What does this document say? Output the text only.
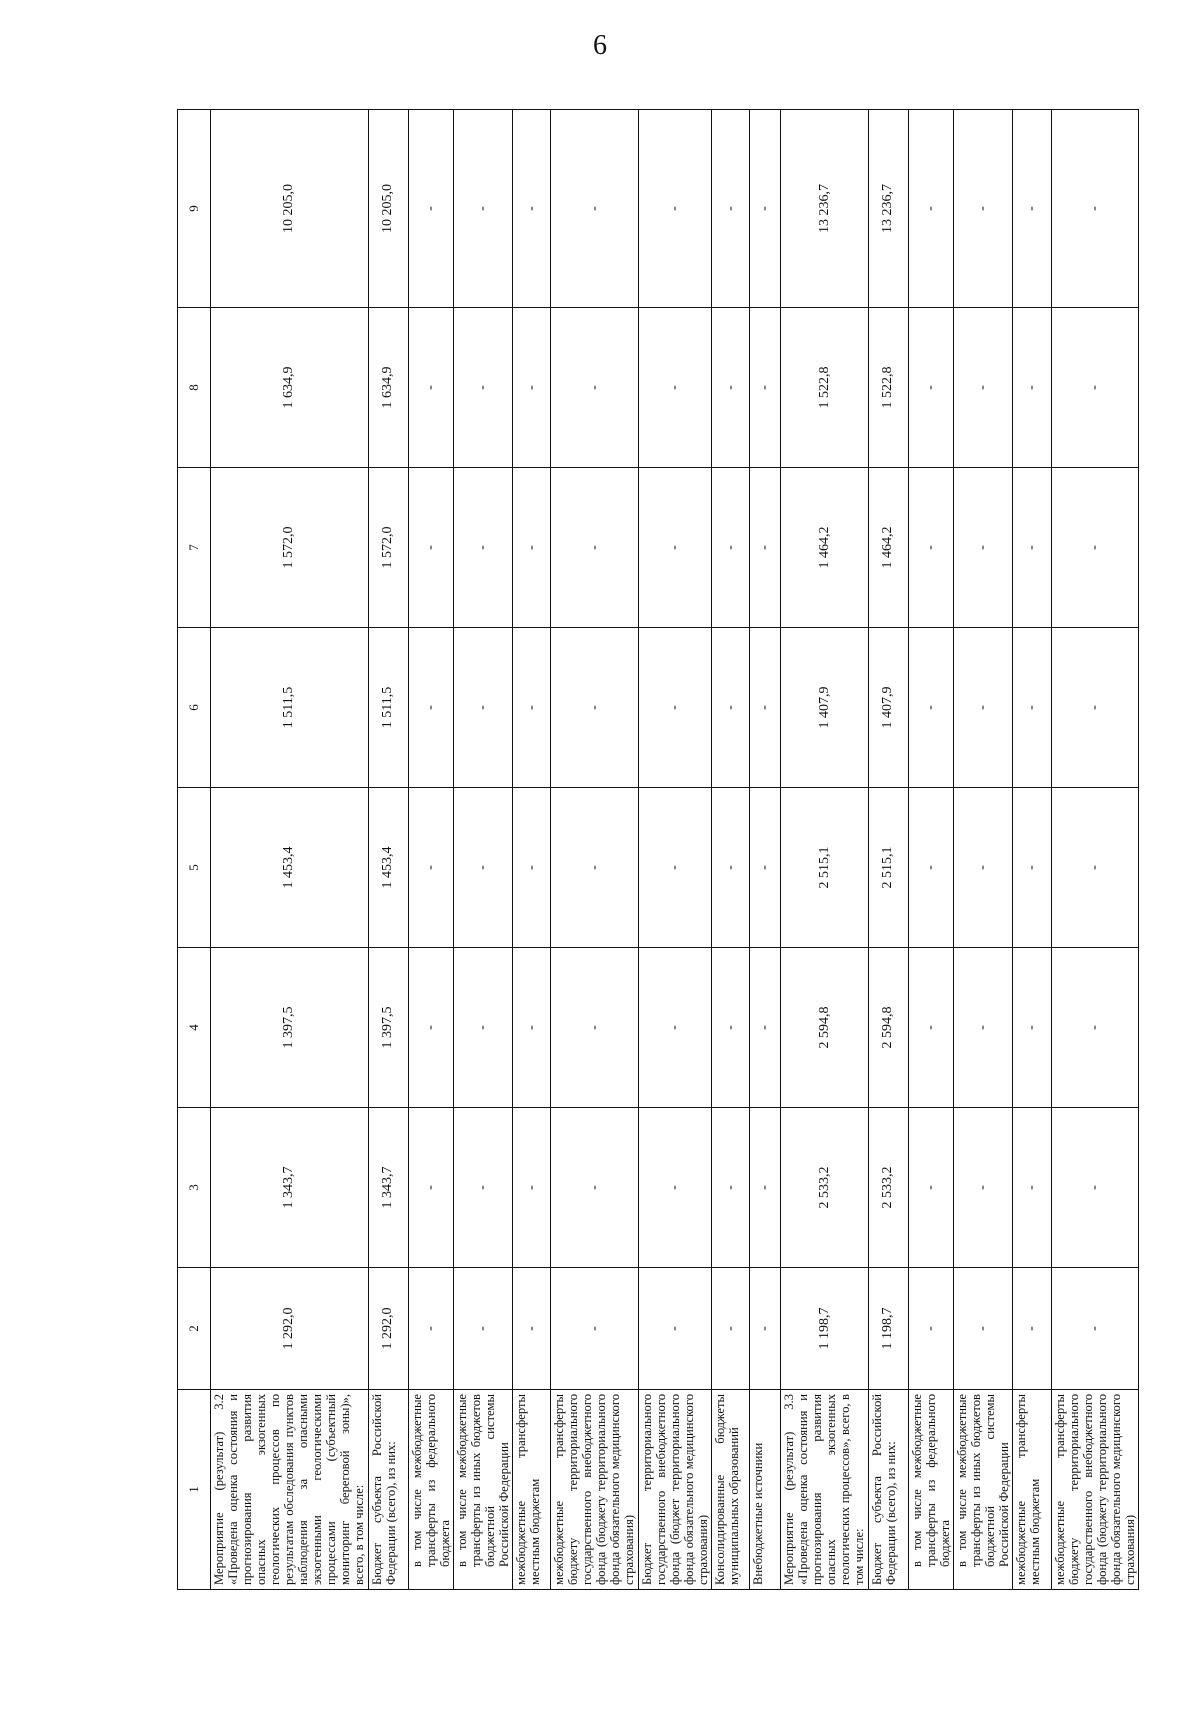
6
1	2	3	4	5	6	7	8	9
Мероприятие (результат) 3.2 «Проведена оценка состояния и прогнозирования развития опасных экзогенных геологических процессов по результатам обследования пунктов наблюдения за опасными экзогенными геологическими процессами (субъектный мониторинг береговой зоны)», всего, в том числе:	1 292,0	1 343,7	1 397,5	1 453,4	1 511,5	1 572,0	1 634,9	10 205,0
Бюджет субъекта Российской Федерации (всего), из них:	1 292,0	1 343,7	1 397,5	1 453,4	1 511,5	1 572,0	1 634,9	10 205,0
в том числе межбюджетные трансферты из федерального бюджета	-	-	-	-	-	-	-	-
в том числе межбюджетные трансферты из иных бюджетов бюджетной системы Российской Федерации	-	-	-	-	-	-	-	-
межбюджетные трансферты местным бюджетам	-	-	-	-	-	-	-	-
межбюджетные трансферты бюджету территориального государственного внебюджетного фонда (бюджету территориального фонда обязательного медицинского страхования)	-	-	-	-	-	-	-	-
Бюджет территориального государственного внебюджетного фонда (бюджет территориального фонда обязательного медицинского страхования)	-	-	-	-	-	-	-	-
Консолидированные бюджеты муниципальных образований	-	-	-	-	-	-	-	-
Внебюджетные источники	-	-	-	-	-	-	-	-
Мероприятие (результат) 3.3 «Проведена оценка состояния и прогнозирования развития опасных экзогенных геологических процессов», всего, в том числе:	1 198,7	2 533,2	2 594,8	2 515,1	1 407,9	1 464,2	1 522,8	13 236,7
Бюджет субъекта Российской Федерации (всего), из них:	1 198,7	2 533,2	2 594,8	2 515,1	1 407,9	1 464,2	1 522,8	13 236,7
в том числе межбюджетные трансферты из федерального бюджета	-	-	-	-	-	-	-	-
в том числе межбюджетные трансферты из иных бюджетов бюджетной системы Российской Федерации	-	-	-	-	-	-	-	-
межбюджетные трансферты местным бюджетам	-	-	-	-	-	-	-	-
межбюджетные трансферты бюджету территориального государственного внебюджетного фонда (бюджету территориального фонда обязательного медицинского страхования)	-	-	-	-	-	-	-	-
